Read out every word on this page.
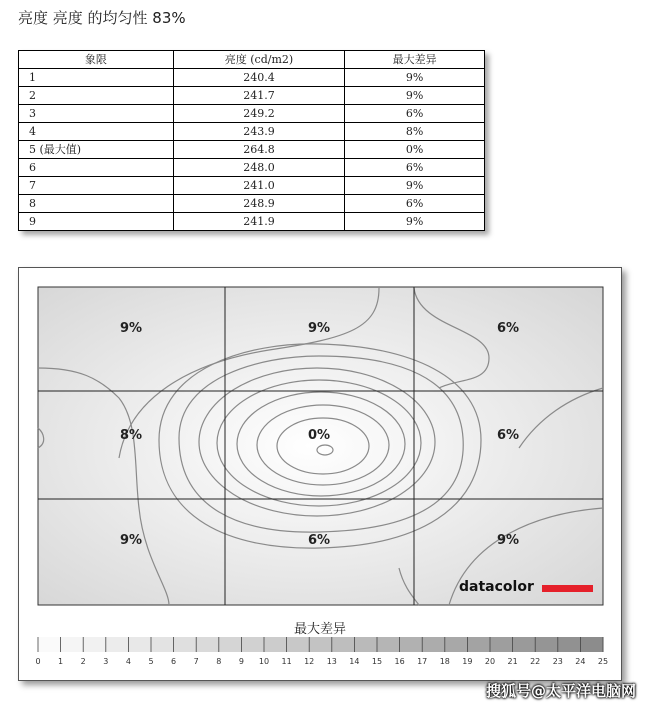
亮度 亮度 的均匀性 83%
象限	亮度 (cd/m2)	最大差异
1	240.4	9%
2	241.7	9%
3	249.2	6%
4	243.9	8%
5 (最大值)	264.8	0%
6	248.0	6%
7	241.0	9%
8	248.9	6%
9	241.9	9%
9%	9%	6%
8%	0%	6%
9%	6%	9%
0 1 2 3 4 5 6 7 8 9 10 11 12 13 14 15 16 17 18 19 20 21 22 23 24 25
datacolor
最大差异
搜狐号@太平洋电脑网
